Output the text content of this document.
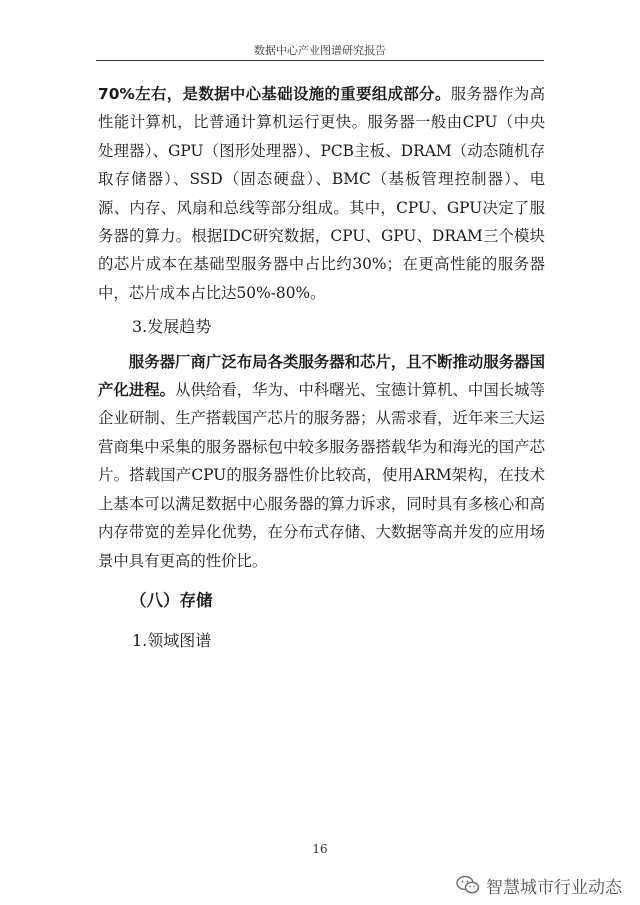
数据中心产业图谱研究报告

70%左右，是数据中心基础设施的重要组成部分。服务器作为高性能计算机，比普通计算机运行更快。服务器一般由CPU（中央处理器）、GPU（图形处理器）、PCB主板、DRAM（动态随机存取存储器）、SSD（固态硬盘）、BMC（基板管理控制器）、电源、内存、风扇和总线等部分组成。其中，CPU、GPU决定了服务器的算力。根据IDC研究数据，CPU、GPU、DRAM三个模块的芯片成本在基础型服务器中占比约30%；在更高性能的服务器中，芯片成本占比达50%-80%。

3.发展趋势

服务器厂商广泛布局各类服务器和芯片，且不断推动服务器国产化进程。从供给看，华为、中科曙光、宝德计算机、中国长城等企业研制、生产搭载国产芯片的服务器；从需求看，近年来三大运营商集中采集的服务器标包中较多服务器搭载华为和海光的国产芯片。搭载国产CPU的服务器性价比较高，使用ARM架构，在技术上基本可以满足数据中心服务器的算力诉求，同时具有多核心和高内存带宽的差异化优势，在分布式存储、大数据等高并发的应用场景中具有更高的性价比。

（八）存储

1.领域图谱

16
智慧城市行业动态
